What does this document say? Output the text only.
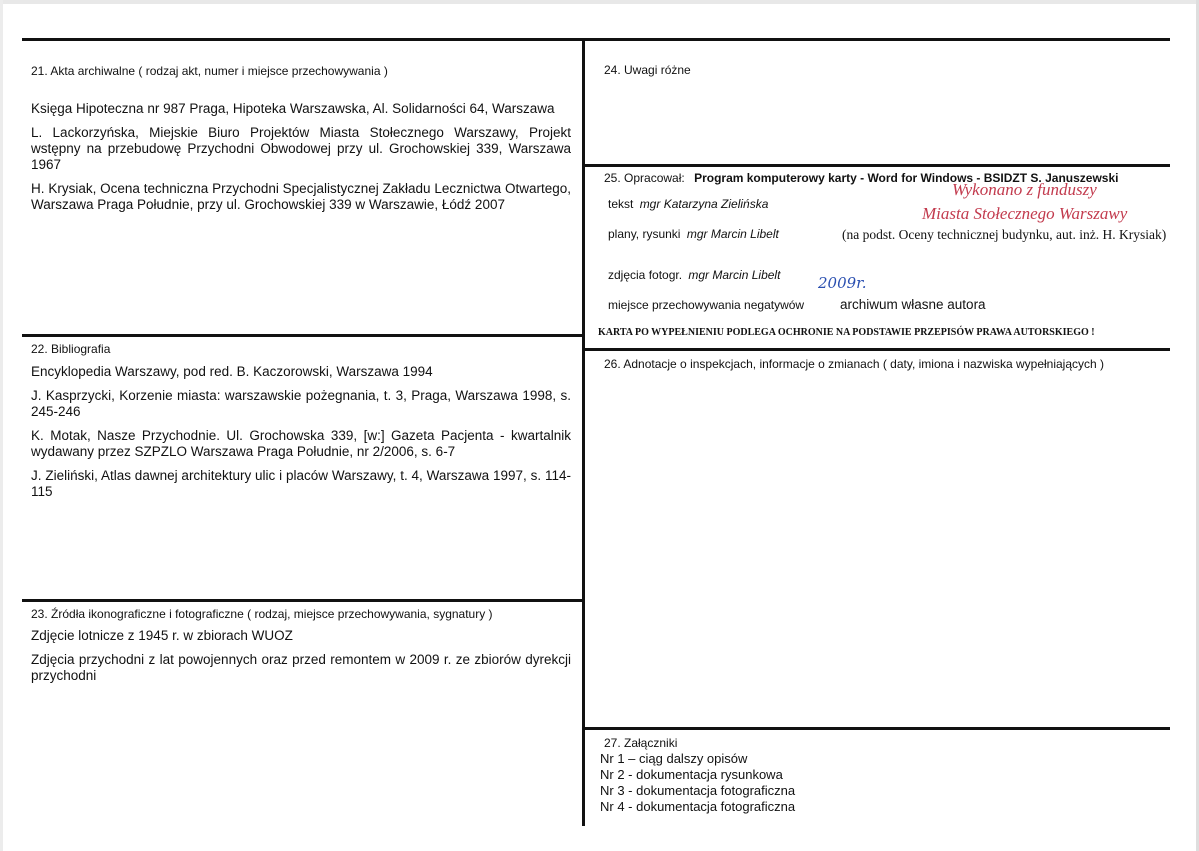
21. Akta archiwalne ( rodzaj akt, numer i miejsce przechowywania )
Księga Hipoteczna nr 987 Praga, Hipoteka Warszawska, Al. Solidarności 64, Warszawa
L. Lackorzyńska, Miejskie Biuro Projektów Miasta Stołecznego Warszawy, Projekt wstępny na przebudowę Przychodni Obwodowej przy ul. Grochowskiej 339, Warszawa 1967
H. Krysiak, Ocena techniczna Przychodni Specjalistycznej Zakładu Lecznictwa Otwartego, Warszawa Praga Południe, przy ul. Grochowskiej 339 w Warszawie, Łódź 2007
22. Bibliografia
Encyklopedia Warszawy, pod red. B. Kaczorowski, Warszawa 1994
J. Kasprzycki, Korzenie miasta: warszawskie pożegnania, t. 3, Praga, Warszawa 1998, s. 245-246
K. Motak, Nasze Przychodnie. Ul. Grochowska 339, [w:] Gazeta Pacjenta - kwartalnik wydawany przez SZPZLO Warszawa Praga Południe, nr 2/2006, s. 6-7
J. Zieliński, Atlas dawnej architektury ulic i placów Warszawy, t. 4, Warszawa 1997, s. 114-115
23. Źródła ikonograficzne i fotograficzne ( rodzaj, miejsce przechowywania, sygnatury )
Zdjęcie lotnicze z 1945 r. w zbiorach WUOZ
Zdjęcia przychodni z lat powojennych oraz przed remontem w 2009 r. ze zbiorów dyrekcji przychodni
24. Uwagi różne
25. Opracował: Program komputerowy karty - Word for Windows - BSIDZT S. Januszewski
Wykonano z funduszy
Miasta Stołecznego Warszawy
tekst mgr Katarzyna Zielińska
plany, rysunki mgr Marcin Libelt	(na podst. Oceny technicznej budynku, aut. inż. H. Krysiak)
zdjęcia fotogr. mgr Marcin Libelt	2009r.
miejsce przechowywania negatywów	archiwum własne autora
KARTA PO WYPEŁNIENIU PODLEGA OCHRONIE NA PODSTAWIE PRZEPISÓW PRAWA AUTORSKIEGO !
26. Adnotacje o inspekcjach, informacje o zmianach ( daty, imiona i nazwiska wypełniających )
27. Załączniki
Nr 1 – ciąg dalszy opisów
Nr 2 - dokumentacja rysunkowa
Nr 3 - dokumentacja fotograficzna
Nr 4 - dokumentacja fotograficzna
